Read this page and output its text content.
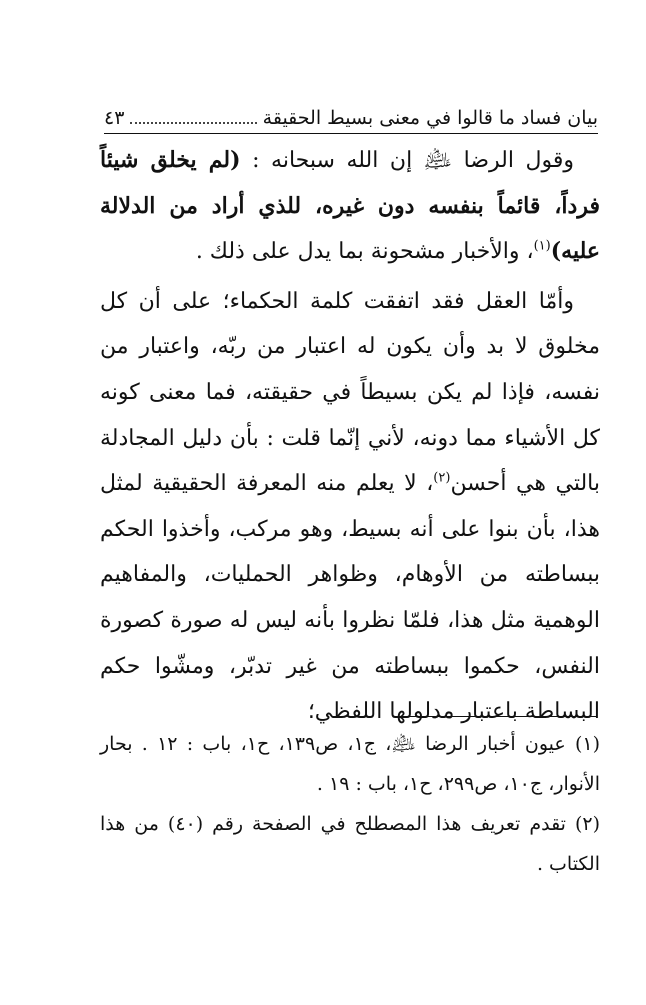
بيان فساد ما قالوا في معنى بسيط الحقيقة
٤٣

وقول الرضا ﵇ إن الله سبحانه : (لم يخلق شيئاً فرداً، قائماً بنفسه دون غيره، للذي أراد من الدلالة عليه)$^{(١)}$، والأخبار مشحونة بما يدل على ذلك .

وأمّا العقل فقد اتفقت كلمة الحكماء؛ على أن كل مخلوق لا بد وأن يكون له اعتبار من ربّه، واعتبار من نفسه، فإذا لم يكن بسيطاً في حقيقته، فما معنى كونه كل الأشياء مما دونه، لأني إنّما قلت : بأن دليل المجادلة بالتي هي أحسن$^{(٢)}$، لا يعلم منه المعرفة الحقيقية لمثل هذا، بأن بنوا على أنه بسيط، وهو مركب، وأخذوا الحكم ببساطته من الأوهام، وظواهر الحمليات، والمفاهيم الوهمية مثل هذا، فلمّا نظروا بأنه ليس له صورة كصورة النفس، حكموا ببساطته من غير تدبّر، ومشّوا حكم البساطة باعتبار مدلولها اللفظي؛

(١) عيون أخبار الرضا ﵇، ج١، ص١٣٩، ح١، باب : ١٢ . بحار الأنوار، ج١٠، ص٢٩٩، ح١، باب : ١٩ .

(٢) تقدم تعريف هذا المصطلح في الصفحة رقم (٤٠) من هذا الكتاب .
